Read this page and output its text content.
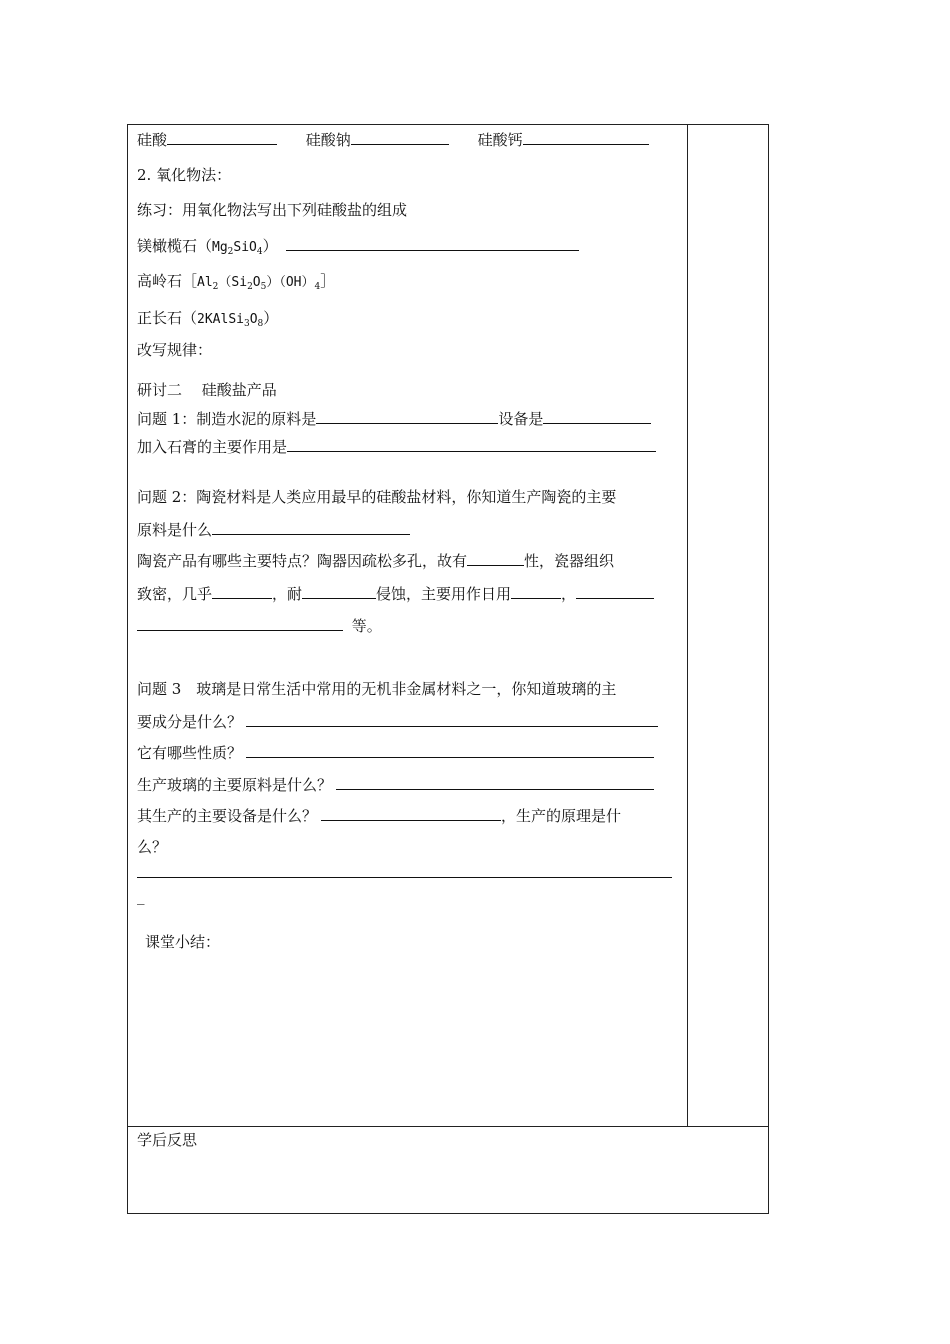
硅酸	硅酸钠	硅酸钙
2. 氧化物法：
练习：用氧化物法写出下列硅酸盐的组成
镁橄榄石$(Mg_2SiO_4)$
高岭石$[Al_2(Si_2O_5)(OH)_4]$
正长石$(2KAlSi_3O_8)$
改写规律：
研讨二　 硅酸盐产品
问题 1：制造水泥的原料是	设备是
加入石膏的主要作用是
问题 2：陶瓷材料是人类应用最早的硅酸盐材料，你知道生产陶瓷的主要
原料是什么
陶瓷产品有哪些主要特点？陶器因疏松多孔，故有	性，瓷器组织
致密，几乎	，耐	侵蚀，主要用作日用	，
等。
问题 3　玻璃是日常生活中常用的无机非金属材料之一，你知道玻璃的主
要成分是什么？
它有哪些性质？
生产玻璃的主要原料是什么？
其生产的主要设备是什么？	，生产的原理是什
么？
_
课堂小结：
学后反思
